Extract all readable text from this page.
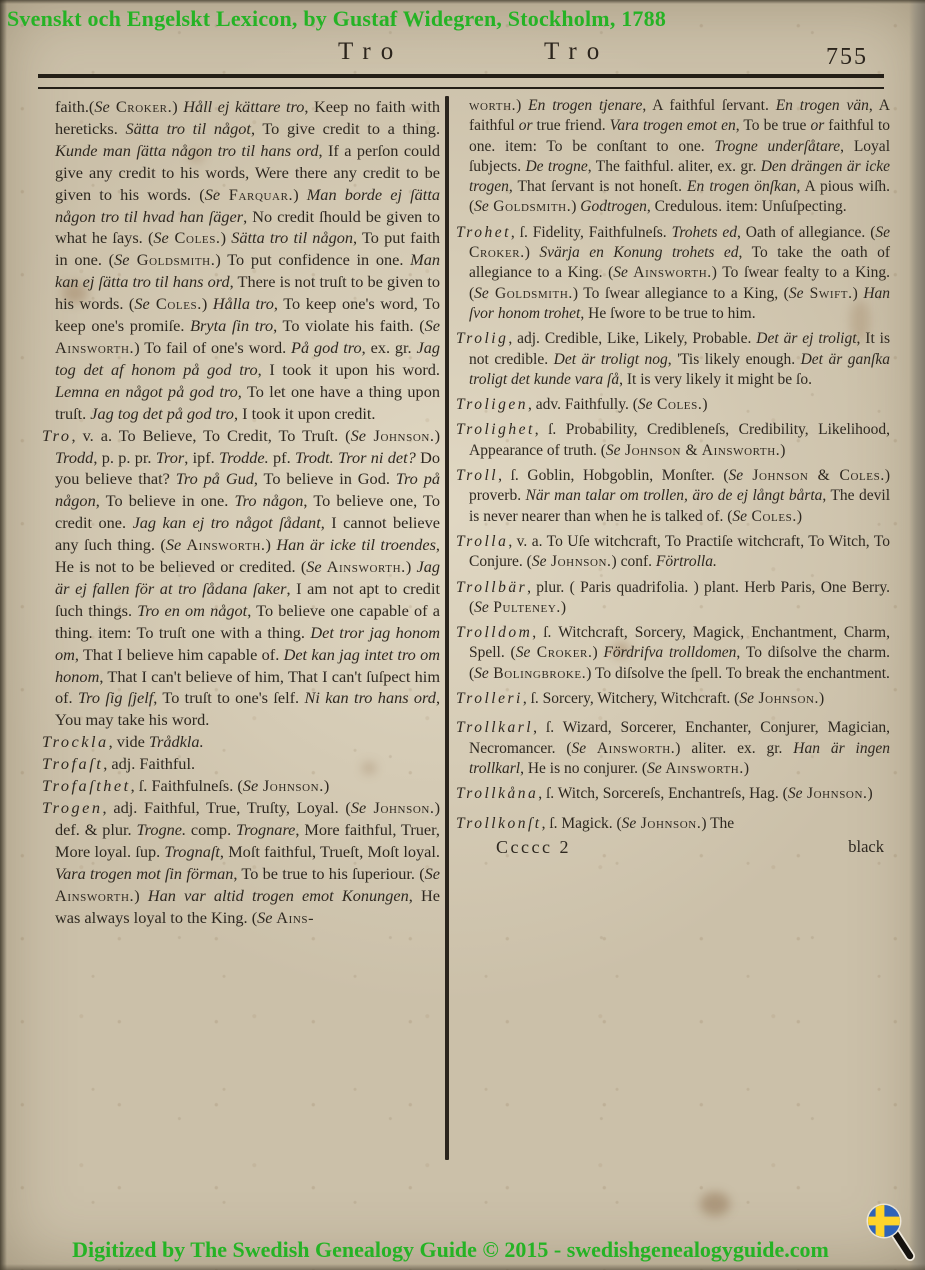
Svenskt och Engelskt Lexicon, by Gustaf Widegren, Stockholm, 1788
Tro	Tro	755

faith.(Se Croker.) Håll ej kättare tro, Keep no faith with hereticks. Sätta tro til något, To give credit to a thing. Kunde man ſätta någon tro til hans ord, If a perſon could give any credit to his words, Were there any credit to be given to his words. (Se Farquar.) Man borde ej ſätta någon tro til hvad han ſäger, No credit ſhould be given to what he ſays. (Se Coles.) Sätta tro til någon, To put faith in one. (Se Goldsmith.) To put confidence in one. Man kan ej ſätta tro til hans ord, There is not truſt to be given to his words. (Se Coles.) Hålla tro, To keep one's word, To keep one's promiſe. Bryta ſin tro, To violate his faith. (Se Ainsworth.) To fail of one's word. På god tro, ex. gr. Jag tog det af honom på god tro, I took it upon his word. Lemna en något på god tro, To let one have a thing upon truſt. Jag tog det på god tro, I took it upon credit.

Tro, v. a. To Believe, To Credit, To Truſt. (Se Johnson.) Trodd, p. p. pr. Tror, ipf. Trodde. pf. Trodt. Tror ni det? Do you believe that? Tro på Gud, To believe in God. Tro på någon, To believe in one. Tro någon, To believe one, To credit one. Jag kan ej tro något ſådant, I cannot believe any ſuch thing. (Se Ainsworth.) Han är icke til troendes, He is not to be believed or credited. (Se Ainsworth.) Jag är ej fallen för at tro ſådana ſaker, I am not apt to credit ſuch things. Tro en om något, To believe one capable of a thing. item: To truſt one with a thing. Det tror jag honom om, That I believe him capable of. Det kan jag intet tro om honom, That I can't believe of him, That I can't ſuſpect him of. Tro ſig ſjelf, To truſt to one's ſelf. Ni kan tro hans ord, You may take his word.

Trockla, vide Trådkla.

Trofaſt, adj. Faithful.

Trofaſthet, ſ. Faithfulneſs. (Se Johnson.)

Trogen, adj. Faithful, True, Truſty, Loyal. (Se Johnson.) def. & plur. Trogne. comp. Trognare, More faithful, Truer, More loyal. ſup. Trognaſt, Moſt faithful, Trueſt, Moſt loyal. Vara trogen mot ſin förman, To be true to his ſuperiour. (Se Ainsworth.) Han var altid trogen emot Konungen, He was always loyal to the King. (Se Ains-

worth.) En trogen tjenare, A faithful ſervant. En trogen vän, A faithful or true friend. Vara trogen emot en, To be true or faithful to one. item: To be conſtant to one. Trogne underſåtare, Loyal ſubjects. De trogne, The faithful. aliter, ex. gr. Den drängen är icke trogen, That ſervant is not honeſt. En trogen önſkan, A pious wiſh. (Se Goldsmith.) Godtrogen, Credulous. item: Unſuſpecting.

Trohet, ſ. Fidelity, Faithfulneſs. Trohets ed, Oath of allegiance. (Se Croker.) Svärja en Konung trohets ed, To take the oath of allegiance to a King. (Se Ainsworth.) To ſwear fealty to a King. (Se Goldsmith.) To ſwear allegiance to a King, (Se Swift.) Han ſvor honom trohet, He ſwore to be true to him.

Trolig, adj. Credible, Like, Likely, Probable. Det är ej troligt, It is not credible. Det är troligt nog, 'Tis likely enough. Det är ganſka troligt det kunde vara ſå, It is very likely it might be ſo.

Troligen, adv. Faithfully. (Se Coles.)

Trolighet, ſ. Probability, Credibleneſs, Credibility, Likelihood, Appearance of truth. (Se Johnson & Ainsworth.)

Troll, ſ. Goblin, Hobgoblin, Monſter. (Se Johnson & Coles.) proverb. När man talar om trollen, äro de ej långt bårta, The devil is never nearer than when he is talked of. (Se Coles.)

Trolla, v. a. To Uſe witchcraft, To Practiſe witchcraft, To Witch, To Conjure. (Se Johnson.) conf. Förtrolla.

Trollbär, plur. ( Paris quadrifolia. ) plant. Herb Paris, One Berry. (Se Pulteney.)

Trolldom, ſ. Witchcraft, Sorcery, Magick, Enchantment, Charm, Spell. (Se Croker.) Fördrifva trolldomen, To diſsolve the charm. (Se Bolingbroke.) To diſsolve the ſpell. To break the enchantment.

Trolleri, ſ. Sorcery, Witchery, Witchcraft. (Se Johnson.)

Trollkarl, ſ. Wizard, Sorcerer, Enchanter, Conjurer, Magician, Necromancer. (Se Ainsworth.) aliter. ex. gr. Han är ingen trollkarl, He is no conjurer. (Se Ainsworth.)

Trollkåna, ſ. Witch, Sorcereſs, Enchantreſs, Hag. (Se Johnson.)

Trollkonſt, ſ. Magick. (Se Johnson.) The

Ccccc 2	black
Digitized by The Swedish Genealogy Guide © 2015 - swedishgenealogyguide.com
